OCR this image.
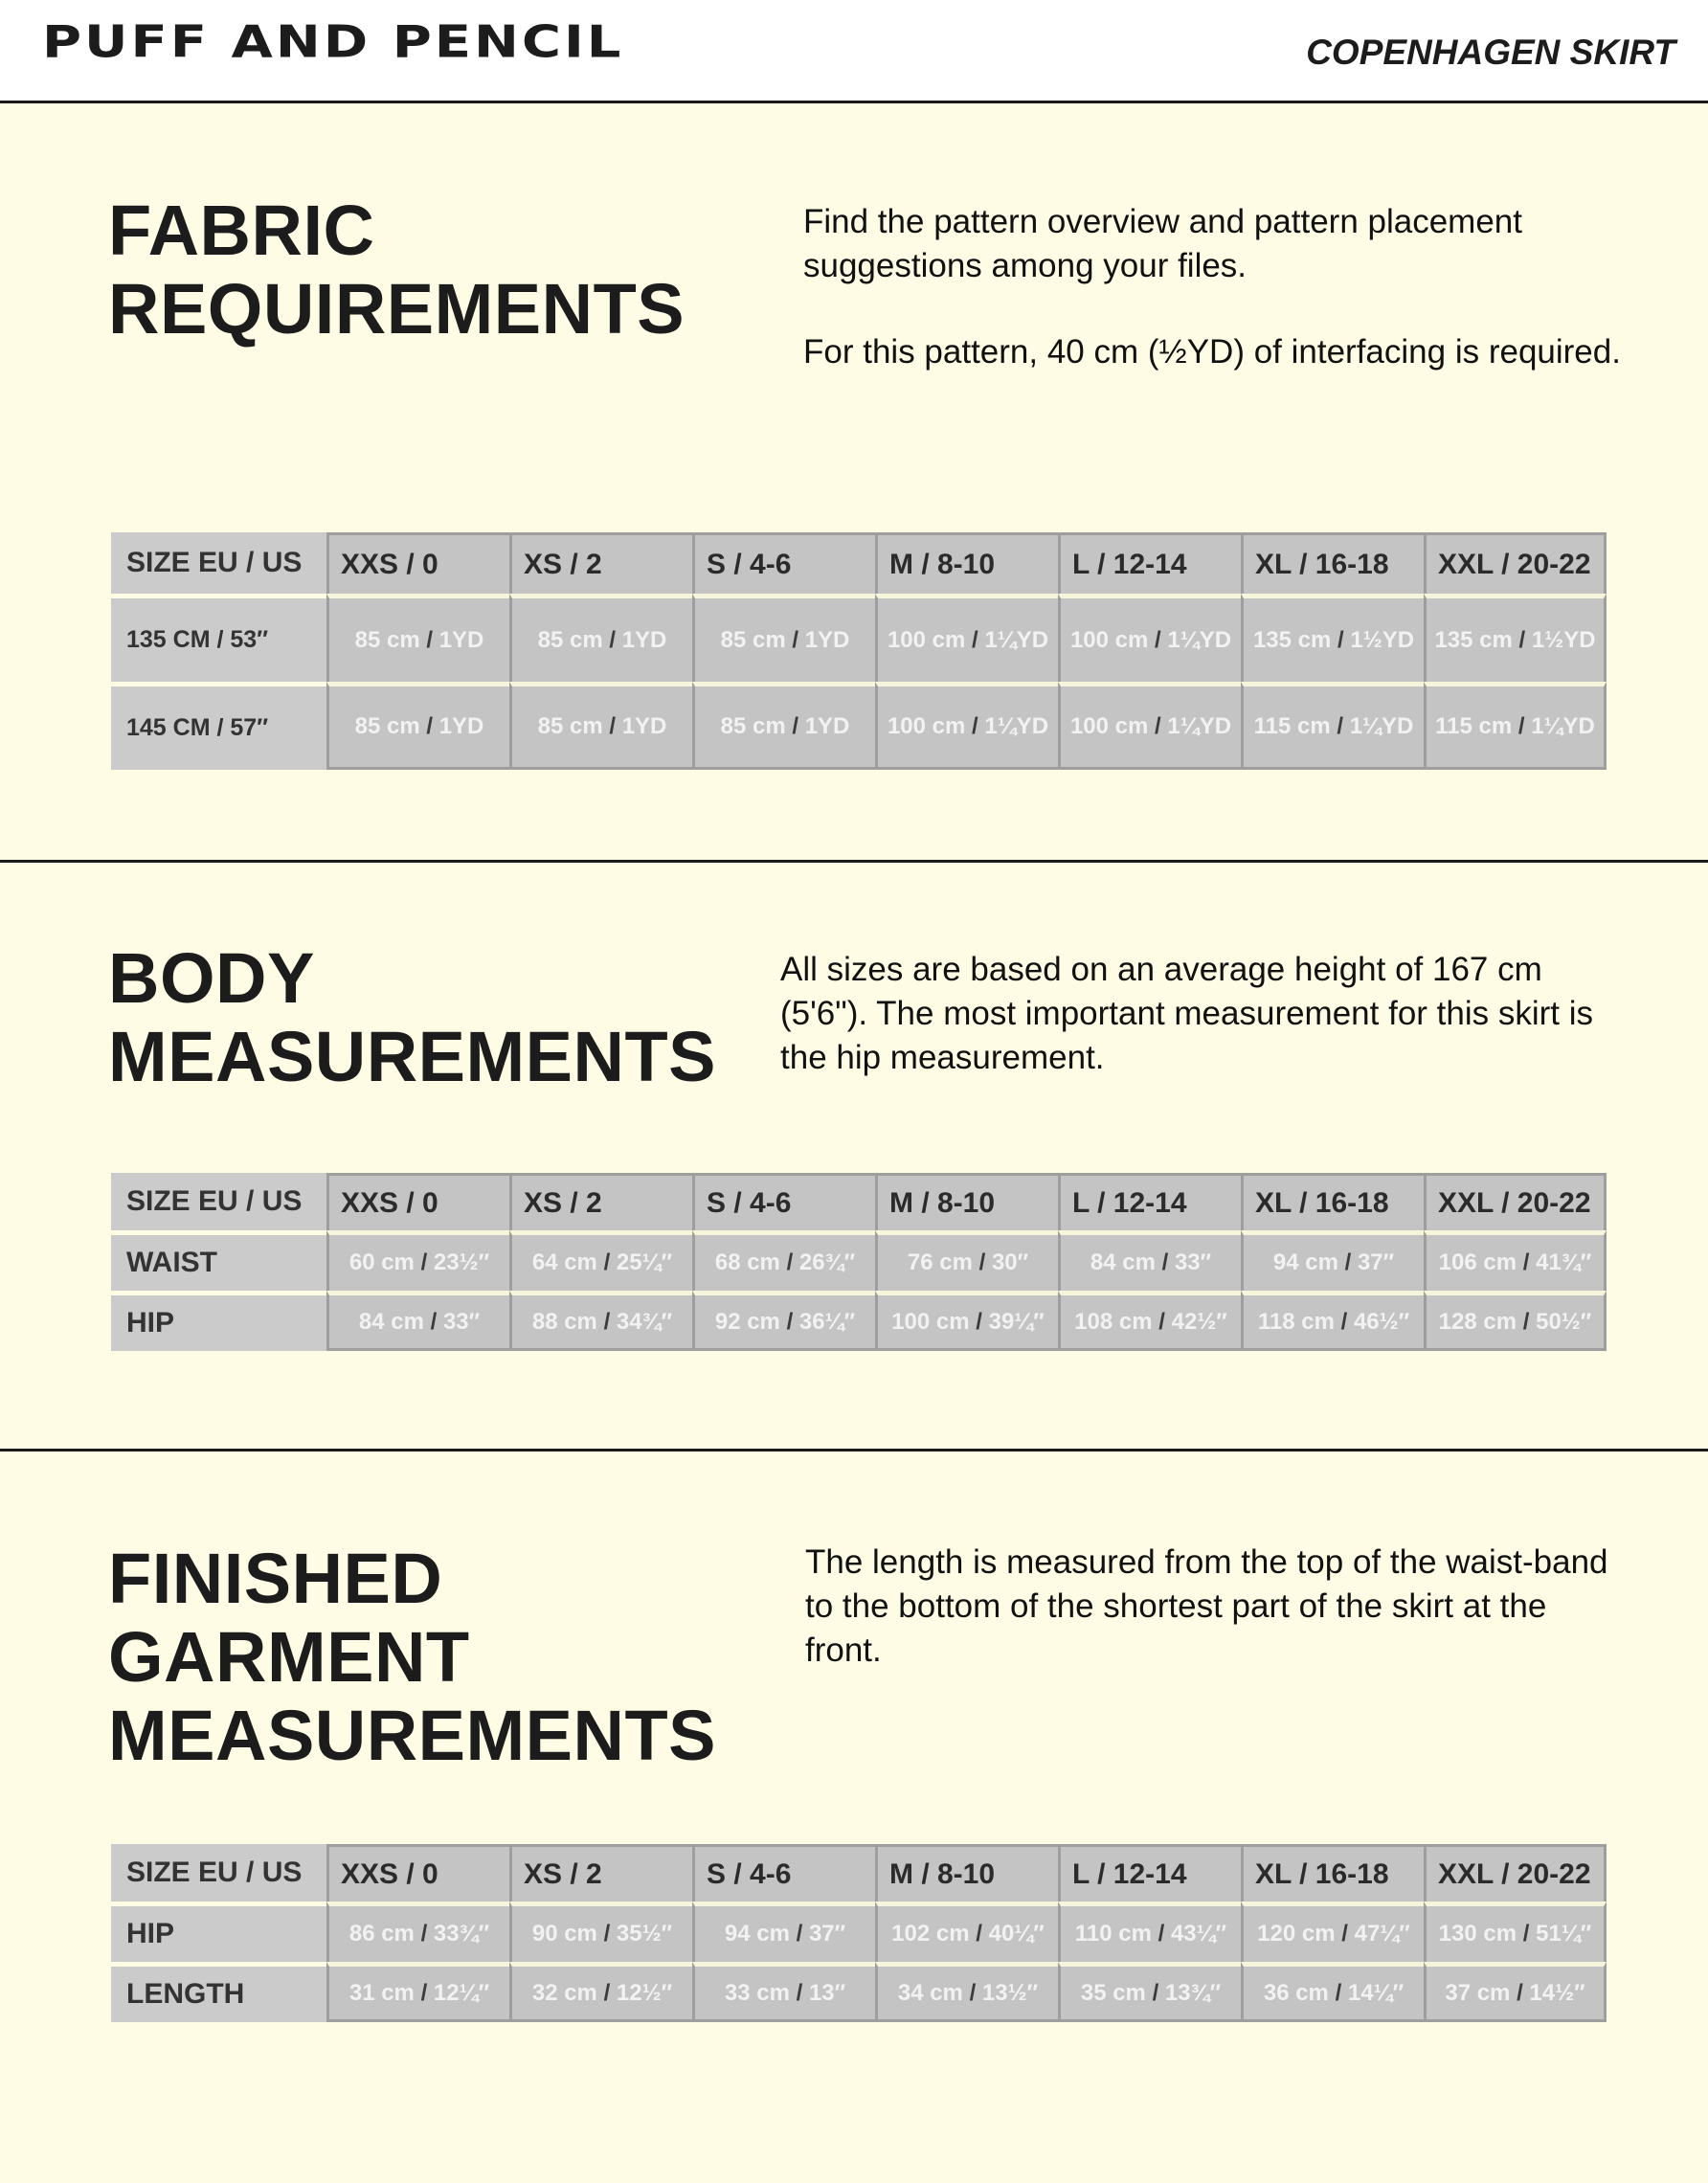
PUFF AND PENCIL	COPENHAGEN SKIRT
FABRIC
REQUIREMENTS

Find the pattern overview and pattern placement suggestions among your files.

For this pattern, 40 cm (½YD) of interfacing is required.

SIZE EU / US	XXS / 0	XS / 2	S / 4-6	M / 8-10	L / 12-14	XL / 16-18	XXL / 20-22
135 CM / 53″	85 cm / 1YD	85 cm / 1YD	85 cm / 1YD	100 cm / 1¼YD	100 cm / 1¼YD	135 cm / 1½YD	135 cm / 1½YD
145 CM / 57″	85 cm / 1YD	85 cm / 1YD	85 cm / 1YD	100 cm / 1¼YD	100 cm / 1¼YD	115 cm / 1¼YD	115 cm / 1¼YD
BODY
MEASUREMENTS

All sizes are based on an average height of 167 cm (5'6"). The most important measurement for this skirt is the hip measurement.

SIZE EU / US	XXS / 0	XS / 2	S / 4-6	M / 8-10	L / 12-14	XL / 16-18	XXL / 20-22
WAIST	60 cm / 23½″	64 cm / 25¼″	68 cm / 26¾″	76 cm / 30″	84 cm / 33″	94 cm / 37″	106 cm / 41¾″
HIP	84 cm / 33″	88 cm / 34¾″	92 cm / 36¼″	100 cm / 39¼″	108 cm / 42½″	118 cm / 46½″	128 cm / 50½″
FINISHED
GARMENT
MEASUREMENTS

The length is measured from the top of the waist-band to the bottom of the shortest part of the skirt at the front.

SIZE EU / US	XXS / 0	XS / 2	S / 4-6	M / 8-10	L / 12-14	XL / 16-18	XXL / 20-22
HIP	86 cm / 33¾″	90 cm / 35½″	94 cm / 37″	102 cm / 40¼″	110 cm / 43¼″	120 cm / 47¼″	130 cm / 51¼″
LENGTH	31 cm / 12¼″	32 cm / 12½″	33 cm / 13″	34 cm / 13½″	35 cm / 13¾″	36 cm / 14¼″	37 cm / 14½″
